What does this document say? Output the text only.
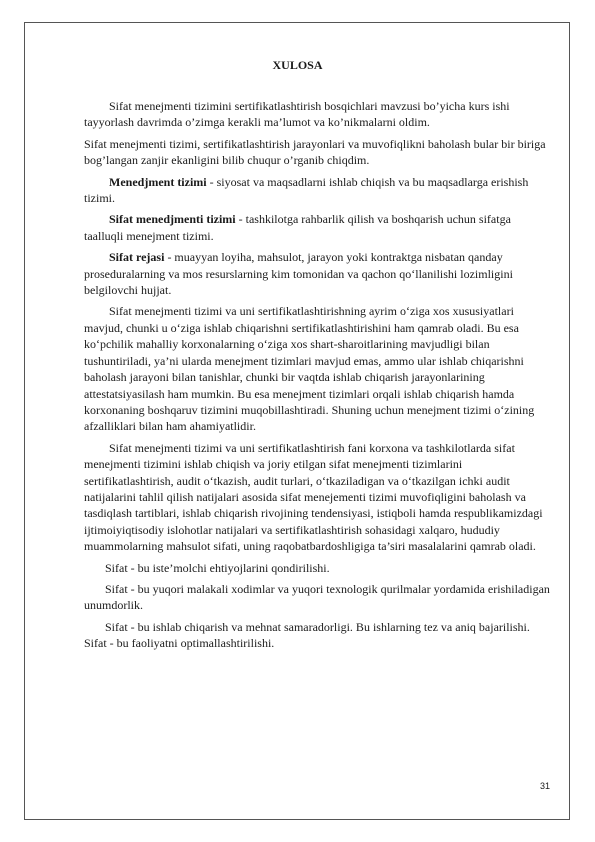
XULOSA

Sifat menejmenti tizimini sertifikatlashtirish bosqichlari mavzusi bo’yicha kurs ishi tayyorlash davrimda o’zimga kerakli ma’lumot va ko’nikmalarni oldim.

Sifat menejmenti tizimi, sertifikatlashtirish jarayonlari va muvofiqlikni baholash bular bir biriga bog’langan zanjir ekanligini bilib chuqur o’rganib chiqdim.

Menedjment tizimi - siyosat va maqsadlarni ishlab chiqish va bu maqsadlarga erishish tizimi.

Sifat menedjmenti tizimi - tashkilotga rahbarlik qilish va boshqarish uchun sifatga taalluqli menejment tizimi.

Sifat rejasi - muayyan loyiha, mahsulot, jarayon yoki kontraktga nisbatan qanday proseduralarning va mos resurslarning kim tomonidan va qachon qo‘llanilishi lozimligini belgilovchi hujjat.

Sifat menejmenti tizimi va uni sertifikatlashtirishning ayrim o‘ziga xos xususiyatlari mavjud, chunki u o‘ziga ishlab chiqarishni sertifikatlashtirishini ham qamrab oladi. Bu esa ko‘pchilik mahalliy korxonalarning o‘ziga xos shart-sharoitlarining mavjudligi bilan tushuntiriladi, ya’ni ularda menejment tizimlari mavjud emas, ammo ular ishlab chiqarishni baholash jarayoni bilan tanishlar, chunki bir vaqtda ishlab chiqarish jarayonlarining attestatsiyasilash ham mumkin. Bu esa menejment tizimlari orqali ishlab chiqarish hamda korxonaning boshqaruv tizimini muqobillashtiradi. Shuning uchun menejment tizimi o‘zining afzalliklari bilan ham ahamiyatlidir.

Sifat menejmenti tizimi va uni sertifikatlashtirish fani korxona va tashkilotlarda sifat menejmenti tizimini ishlab chiqish va joriy etilgan sifat menejmenti tizimlarini sertifikatlashtirish, audit o‘tkazish, audit turlari, o‘tkaziladigan va o‘tkazilgan ichki audit natijalarini tahlil qilish natijalari asosida sifat menejementi tizimi muvofiqligini baholash va tasdiqlash tartiblari, ishlab chiqarish rivojining tendensiyasi, istiqboli hamda respublikamizdagi ijtimoiyiqtisodiy islohotlar natijalari va sertifikatlashtirish sohasidagi xalqaro, hududiy muammolarning mahsulot sifati, uning raqobatbardoshligiga ta’siri masalalarini qamrab oladi.

Sifat - bu iste’molchi ehtiyojlarini qondirilishi.

Sifat - bu yuqori malakali xodimlar va yuqori texnologik qurilmalar yordamida erishiladigan unumdorlik.

Sifat - bu ishlab chiqarish va mehnat samaradorligi. Bu ishlarning tez va aniq bajarilishi. Sifat - bu faoliyatni optimallashtirilishi.

31
